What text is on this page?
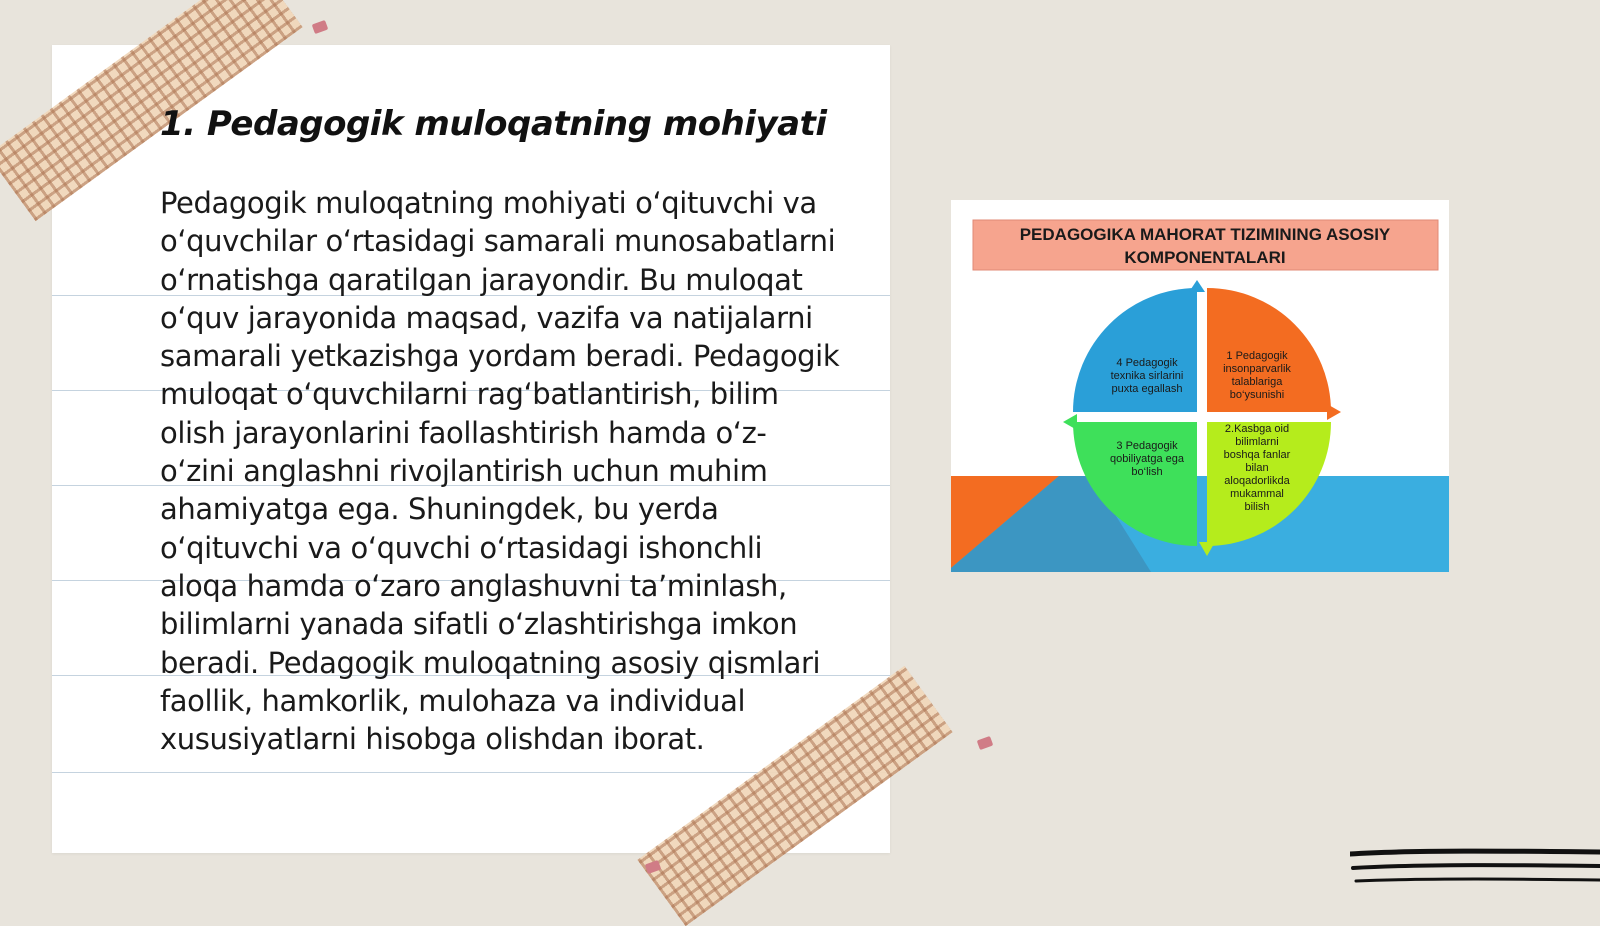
1. Pedagogik muloqatning mohiyati

Pedagogik muloqatning mohiyati o‘qituvchi va o‘quvchilar o‘rtasidagi samarali munosabatlarni o‘rnatishga qaratilgan jarayondir. Bu muloqat o‘quv jarayonida maqsad, vazifa va natijalarni samarali yetkazishga yordam beradi. Pedagogik muloqat o‘quvchilarni rag‘batlantirish, bilim olish jarayonlarini faollashtirish hamda o‘z-o‘zini anglashni rivojlantirish uchun muhim ahamiyatga ega. Shuningdek, bu yerda o‘qituvchi va o‘quvchi o‘rtasidagi ishonchli aloqa hamda o‘zaro anglashuvni ta’minlash, bilimlarni yanada sifatli o‘zlashtirishga imkon beradi. Pedagogik muloqatning asosiy qismlari faollik, hamkorlik, mulohaza va individual xususiyatlarni hisobga olishdan iborat.

PEDAGOGIKA MAHORAT TIZIMINING ASOSIY
KOMPONENTALARI
4 Pedagogik
texnika sirlarini
puxta egallash
1 Pedagogik
insonparvarlik
talablariga
bo‘ysunishi
3 Pedagogik
qobiliyatga ega
bo‘lish
2.Kasbga oid
bilimlarni
boshqa fanlar
bilan
aloqadorlikda
mukammal
bilish
